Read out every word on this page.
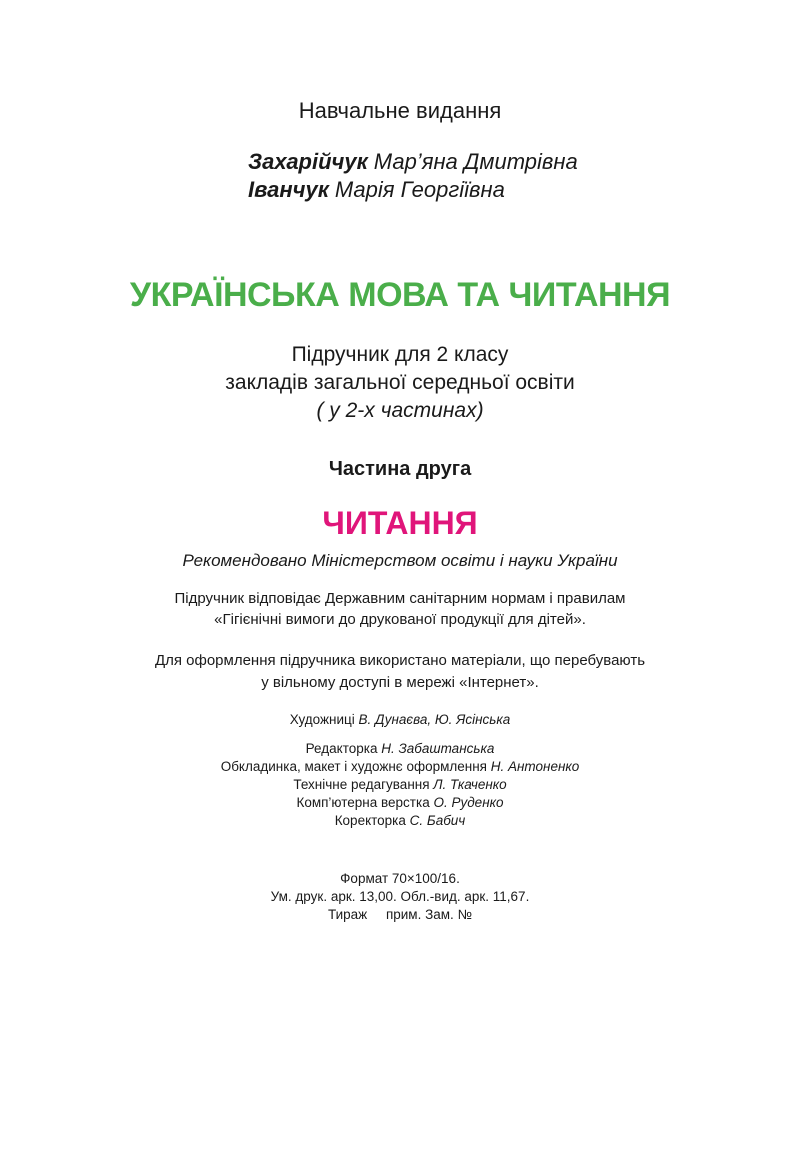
Навчальне видання
Захарійчук Мар’яна Дмитрівна
Іванчук Марія Георгіївна
УКРАЇНСЬКА МОВА ТА ЧИТАННЯ
Підручник для 2 класу
закладів загальної середньої освіти
( у 2-х частинах)
Частина друга
ЧИТАННЯ
Рекомендовано Міністерством освіти і науки України
Підручник відповідає Державним санітарним нормам і правилам
«Гігієнічні вимоги до друкованої продукції для дітей».
Для оформлення підручника використано матеріали, що перебувають
у вільному доступі в мережі «Інтернет».
Художниці В. Дунаєва, Ю. Ясінська
Редакторка Н. Забаштанська
Обкладинка, макет і художнє оформлення Н. Антоненко
Технічне редагування Л. Ткаченко
Комп’ютерна верстка О. Руденко
Коректорка С. Бабич
Формат 70×100/16.
Ум. друк. арк. 13,00. Обл.-вид. арк. 11,67.
Тираж     прим. Зам. №
